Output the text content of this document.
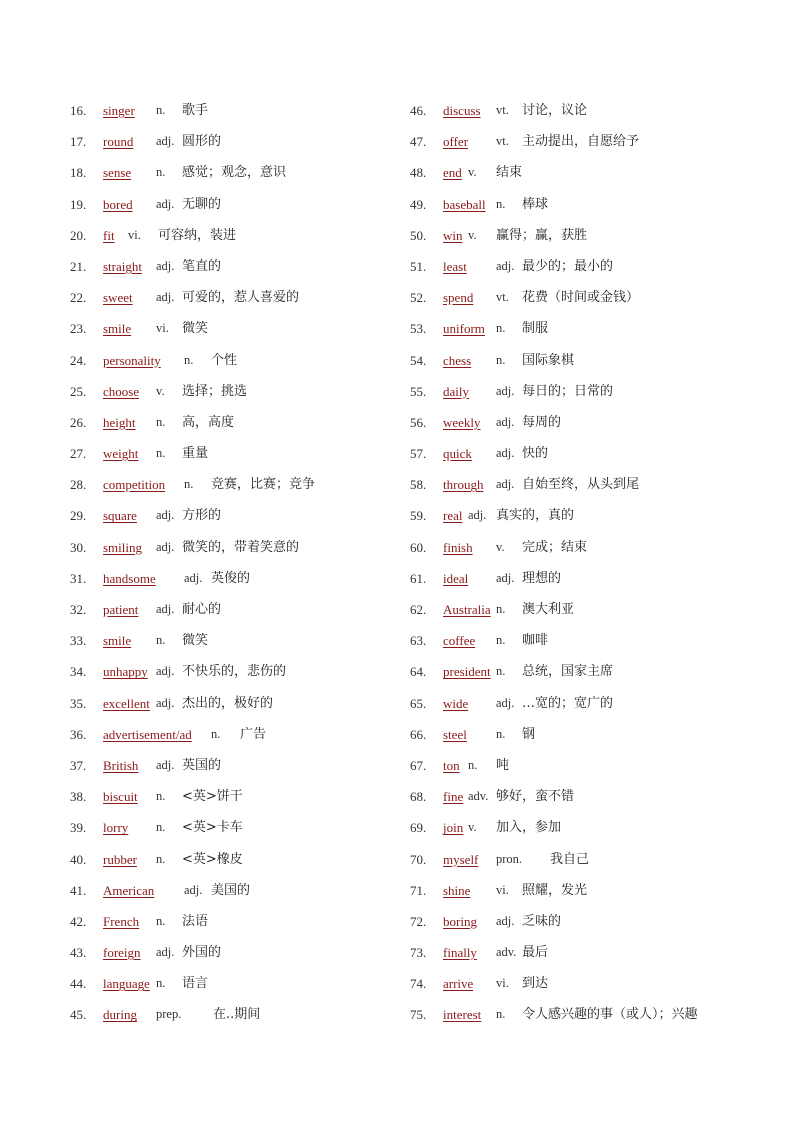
16. singer n. 歌手
17. round adj. 圆形的
18. sense n. 感觉；观念，意识
19. bored adj. 无聊的
20. fit vi. 可容纳，装进
21. straight adj. 笔直的
22. sweet adj. 可爱的，惹人喜爱的
23. smile vi. 微笑
24. personality n. 个性
25. choose v. 选择；挑选
26. height n. 高，高度
27. weight n. 重量
28. competition n. 竞赛，比赛；竞争
29. square adj. 方形的
30. smiling adj. 微笑的，带着笑意的
31. handsome adj. 英俊的
32. patient adj. 耐心的
33. smile n. 微笑
34. unhappy adj. 不快乐的，悲伤的
35. excellent adj. 杰出的，极好的
36. advertisement/ad n. 广告
37. British adj. 英国的
38. biscuit n. <英>饼干
39. lorry n. <英>卡车
40. rubber n. <英>橡皮
41. American adj. 美国的
42. French n. 法语
43. foreign adj. 外国的
44. language n. 语言
45. during prep. 在..期间
46. discuss vt. 讨论，议论
47. offer vt. 主动提出，自愿给予
48. end v. 结束
49. baseball n. 棒球
50. win v. 赢得；赢，获胜
51. least adj. 最少的；最小的
52. spend vt. 花费（时间或金钱）
53. uniform n. 制服
54. chess n. 国际象棋
55. daily adj. 每日的；日常的
56. weekly adj. 每周的
57. quick adj. 快的
58. through adj. 自始至终，从头到尾
59. real adj. 真实的，真的
60. finish v. 完成；结束
61. ideal adj. 理想的
62. Australia n. 澳大利亚
63. coffee n. 咖啡
64. president n. 总统，国家主席
65. wide adj. …宽的；宽广的
66. steel n. 钢
67. ton n. 吨
68. fine adv. 够好，蛮不错
69. join v. 加入，参加
70. myself pron. 我自己
71. shine vi. 照耀，发光
72. boring adj. 乏味的
73. finally adv. 最后
74. arrive vi. 到达
75. interest n. 令人感兴趣的事（或人）；兴趣
